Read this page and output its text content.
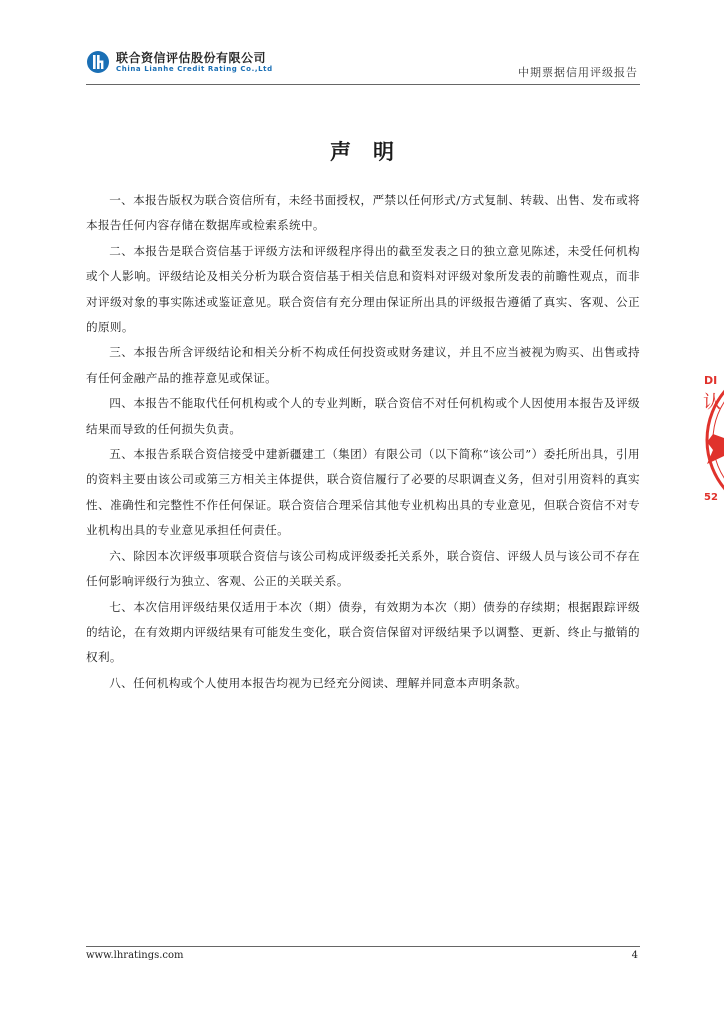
联合资信评估股份有限公司
China Lianhe Credit Rating Co.,Ltd	中期票据信用评级报告
声明

一、本报告版权为联合资信所有，未经书面授权，严禁以任何形式/方式复制、转载、出售、发布或将本报告任何内容存储在数据库或检索系统中。

二、本报告是联合资信基于评级方法和评级程序得出的截至发表之日的独立意见陈述，未受任何机构或个人影响。评级结论及相关分析为联合资信基于相关信息和资料对评级对象所发表的前瞻性观点，而非对评级对象的事实陈述或鉴证意见。联合资信有充分理由保证所出具的评级报告遵循了真实、客观、公正的原则。

三、本报告所含评级结论和相关分析不构成任何投资或财务建议，并且不应当被视为购买、出售或持有任何金融产品的推荐意见或保证。

四、本报告不能取代任何机构或个人的专业判断，联合资信不对任何机构或个人因使用本报告及评级结果而导致的任何损失负责。

五、本报告系联合资信接受中建新疆建工（集团）有限公司（以下简称“该公司”）委托所出具，引用的资料主要由该公司或第三方相关主体提供，联合资信履行了必要的尽职调查义务，但对引用资料的真实性、准确性和完整性不作任何保证。联合资信合理采信其他专业机构出具的专业意见，但联合资信不对专业机构出具的专业意见承担任何责任。

六、除因本次评级事项联合资信与该公司构成评级委托关系外，联合资信、评级人员与该公司不存在任何影响评级行为独立、客观、公正的关联关系。

七、本次信用评级结果仅适用于本次（期）债券，有效期为本次（期）债券的存续期；根据跟踪评级的结论，在有效期内评级结果有可能发生变化，联合资信保留对评级结果予以调整、更新、终止与撤销的权利。

八、任何机构或个人使用本报告均视为已经充分阅读、理解并同意本声明条款。

DI
认
52
www.lhratings.com	4
